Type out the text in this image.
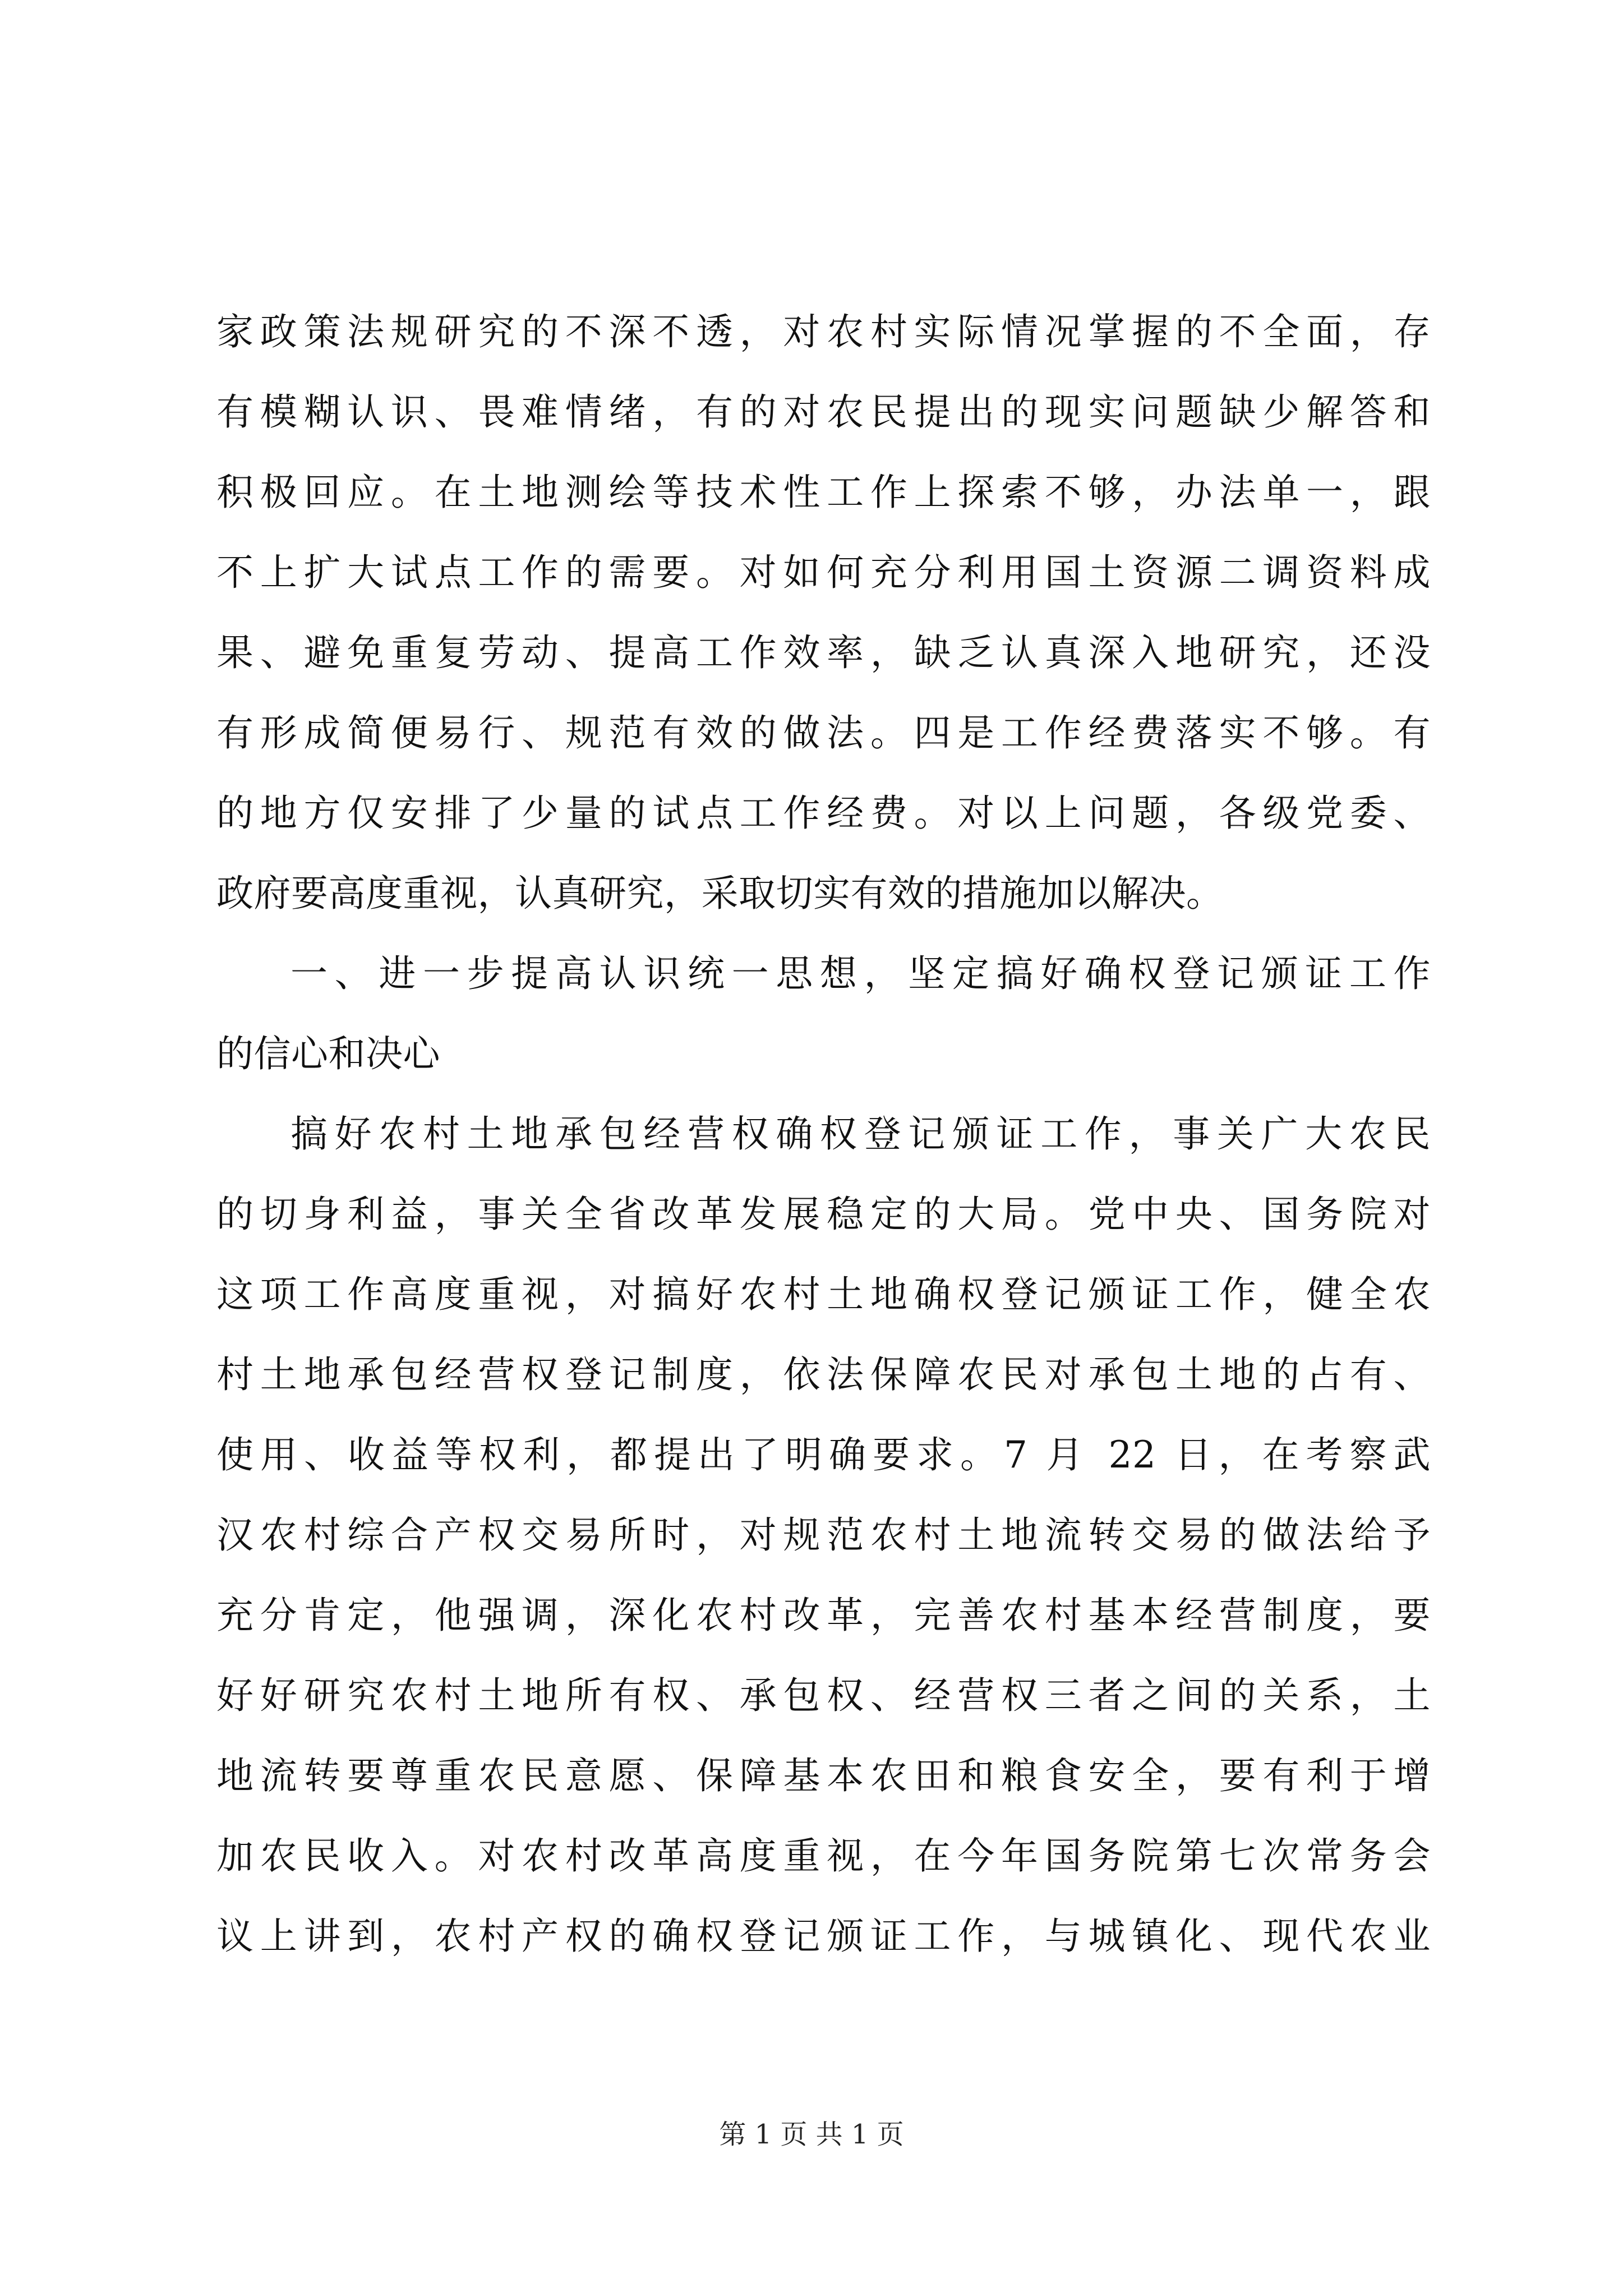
家政策法规研究的不深不透，对农村实际情况掌握的不全面，存
有模糊认识、畏难情绪，有的对农民提出的现实问题缺少解答和
积极回应。在土地测绘等技术性工作上探索不够，办法单一，跟
不上扩大试点工作的需要。对如何充分利用国土资源二调资料成
果、避免重复劳动、提高工作效率，缺乏认真深入地研究，还没
有形成简便易行、规范有效的做法。四是工作经费落实不够。有
的地方仅安排了少量的试点工作经费。对以上问题，各级党委、
政府要高度重视，认真研究，采取切实有效的措施加以解决。
一、进一步提高认识统一思想，坚定搞好确权登记颁证工作
的信心和决心
搞好农村土地承包经营权确权登记颁证工作，事关广大农民
的切身利益，事关全省改革发展稳定的大局。党中央、国务院对
这项工作高度重视，对搞好农村土地确权登记颁证工作，健全农
村土地承包经营权登记制度，依法保障农民对承包土地的占有、
使用、收益等权利，都提出了明确要求。7 月 22 日，在考察武
汉农村综合产权交易所时，对规范农村土地流转交易的做法给予
充分肯定，他强调，深化农村改革，完善农村基本经营制度，要
好好研究农村土地所有权、承包权、经营权三者之间的关系，土
地流转要尊重农民意愿、保障基本农田和粮食安全，要有利于增
加农民收入。对农村改革高度重视，在今年国务院第七次常务会
议上讲到，农村产权的确权登记颁证工作，与城镇化、现代农业
第 1 页 共 1 页
